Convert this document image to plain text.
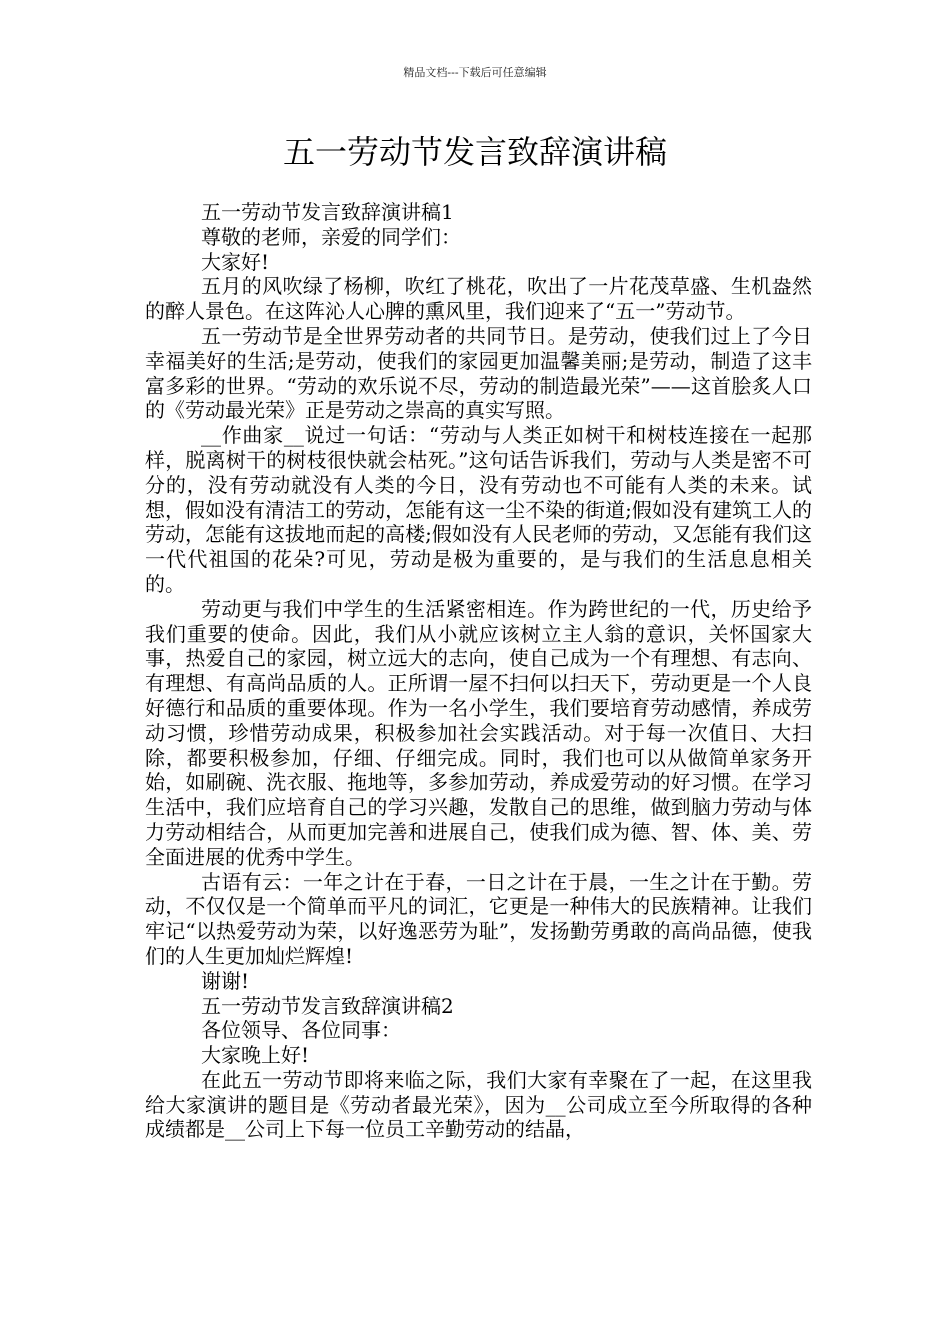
精品文档---下载后可任意编辑
五一劳动节发言致辞演讲稿

五一劳动节发言致辞演讲稿1

尊敬的老师，亲爱的同学们：

大家好!

五月的风吹绿了杨柳，吹红了桃花，吹出了一片花茂草盛、生机盎然的醉人景色。在这阵沁人心脾的熏风里，我们迎来了“五一”劳动节。

五一劳动节是全世界劳动者的共同节日。是劳动，使我们过上了今日幸福美好的生活;是劳动，使我们的家园更加温馨美丽;是劳动，制造了这丰富多彩的世界。“劳动的欢乐说不尽，劳动的制造最光荣”——这首脍炙人口的《劳动最光荣》正是劳动之崇高的真实写照。

__作曲家__说过一句话：“劳动与人类正如树干和树枝连接在一起那样，脱离树干的树枝很快就会枯死。”这句话告诉我们，劳动与人类是密不可分的，没有劳动就没有人类的今日，没有劳动也不可能有人类的未来。试想，假如没有清洁工的劳动，怎能有这一尘不染的街道;假如没有建筑工人的劳动，怎能有这拔地而起的高楼;假如没有人民老师的劳动，又怎能有我们这一代代祖国的花朵?可见，劳动是极为重要的，是与我们的生活息息相关的。

劳动更与我们中学生的生活紧密相连。作为跨世纪的一代，历史给予我们重要的使命。因此，我们从小就应该树立主人翁的意识，关怀国家大事，热爱自己的家园，树立远大的志向，使自己成为一个有理想、有志向、有理想、有高尚品质的人。正所谓一屋不扫何以扫天下，劳动更是一个人良好德行和品质的重要体现。作为一名小学生，我们要培育劳动感情，养成劳动习惯，珍惜劳动成果，积极参加社会实践活动。对于每一次值日、大扫除，都要积极参加，仔细、仔细完成。同时，我们也可以从做简单家务开始，如刷碗、洗衣服、拖地等，多参加劳动，养成爱劳动的好习惯。在学习生活中，我们应培育自己的学习兴趣，发散自己的思维，做到脑力劳动与体力劳动相结合，从而更加完善和进展自己，使我们成为德、智、体、美、劳全面进展的优秀中学生。

古语有云：一年之计在于春，一日之计在于晨，一生之计在于勤。劳动，不仅仅是一个简单而平凡的词汇，它更是一种伟大的民族精神。让我们牢记“以热爱劳动为荣，以好逸恶劳为耻”，发扬勤劳勇敢的高尚品德，使我们的人生更加灿烂辉煌!

谢谢!

五一劳动节发言致辞演讲稿2

各位领导、各位同事：

大家晚上好!

在此五一劳动节即将来临之际，我们大家有幸聚在了一起，在这里我给大家演讲的题目是《劳动者最光荣》，因为__公司成立至今所取得的各种成绩都是__公司上下每一位员工辛勤劳动的结晶，
